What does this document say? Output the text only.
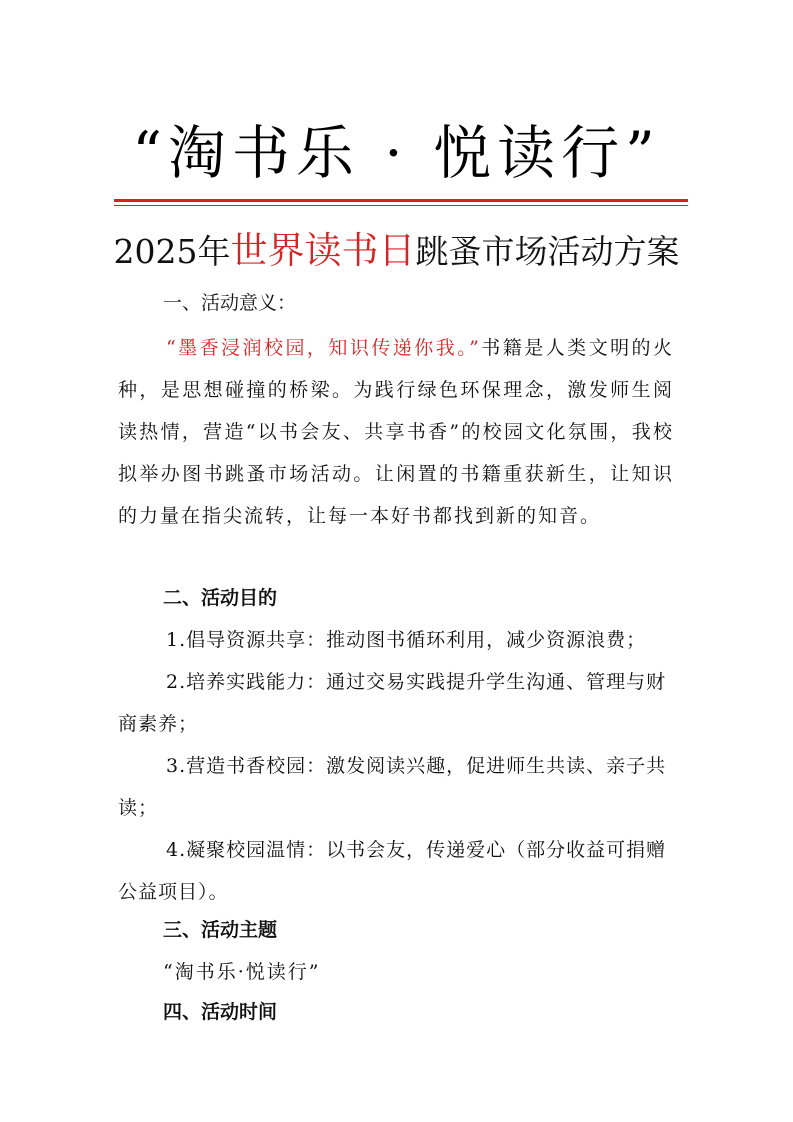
“淘书乐 · 悦读行”
2025年世界读书日跳蚤市场活动方案
一、活动意义：

“墨香浸润校园，知识传递你我。”书籍是人类文明的火种，是思想碰撞的桥梁。为践行绿色环保理念，激发师生阅读热情，营造“以书会友、共享书香”的校园文化氛围，我校拟举办图书跳蚤市场活动。让闲置的书籍重获新生，让知识的力量在指尖流转，让每一本好书都找到新的知音。

二、活动目的

1.倡导资源共享：推动图书循环利用，减少资源浪费；

2.培养实践能力：通过交易实践提升学生沟通、管理与财商素养；

3.营造书香校园：激发阅读兴趣，促进师生共读、亲子共读；

4.凝聚校园温情：以书会友，传递爱心（部分收益可捐赠公益项目）。

三、活动主题
“淘书乐·悦读行”
四、活动时间
